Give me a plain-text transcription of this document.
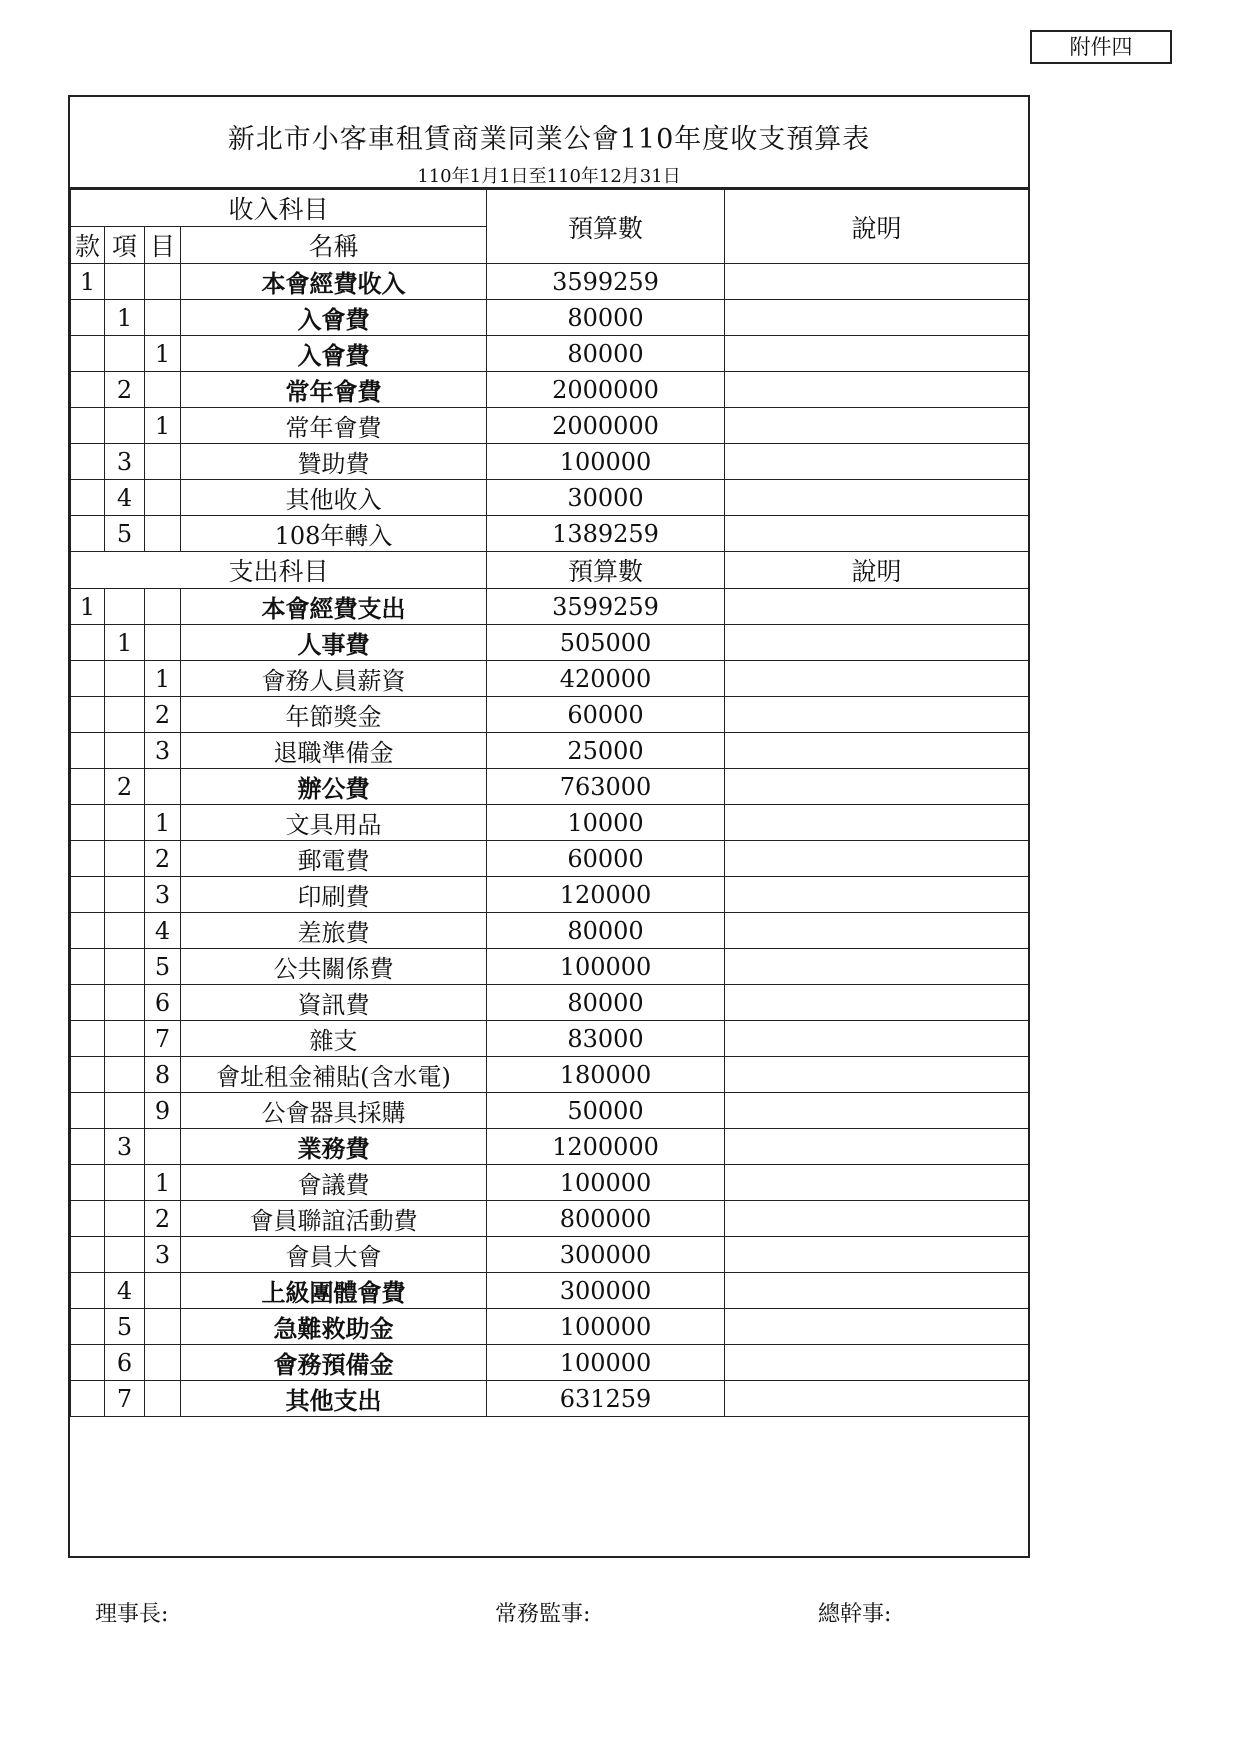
附件四
新北市小客車租賃商業同業公會110年度收支預算表
110年1月1日至110年12月31日
收入科目				預算數	說明
款	項	目	名稱		
1			本會經費收入	3599259	
	1		入會費	80000	
		1	入會費	80000	
	2		常年會費	2000000	
		1	常年會費	2000000	
	3		贊助費	100000	
	4		其他收入	30000	
	5		108年轉入	1389259	
支出科目				預算數	說明
1			本會經費支出	3599259	
	1		人事費	505000	
		1	會務人員薪資	420000	
		2	年節獎金	60000	
		3	退職準備金	25000	
	2		辦公費	763000	
		1	文具用品	10000	
		2	郵電費	60000	
		3	印刷費	120000	
		4	差旅費	80000	
		5	公共關係費	100000	
		6	資訊費	80000	
		7	雜支	83000	
		8	會址租金補貼(含水電)	180000	
		9	公會器具採購	50000	
	3		業務費	1200000	
		1	會議費	100000	
		2	會員聯誼活動費	800000	
		3	會員大會	300000	
	4		上級團體會費	300000	
	5		急難救助金	100000	
	6		會務預備金	100000	
	7		其他支出	631259	
理事長:	常務監事:	總幹事:
